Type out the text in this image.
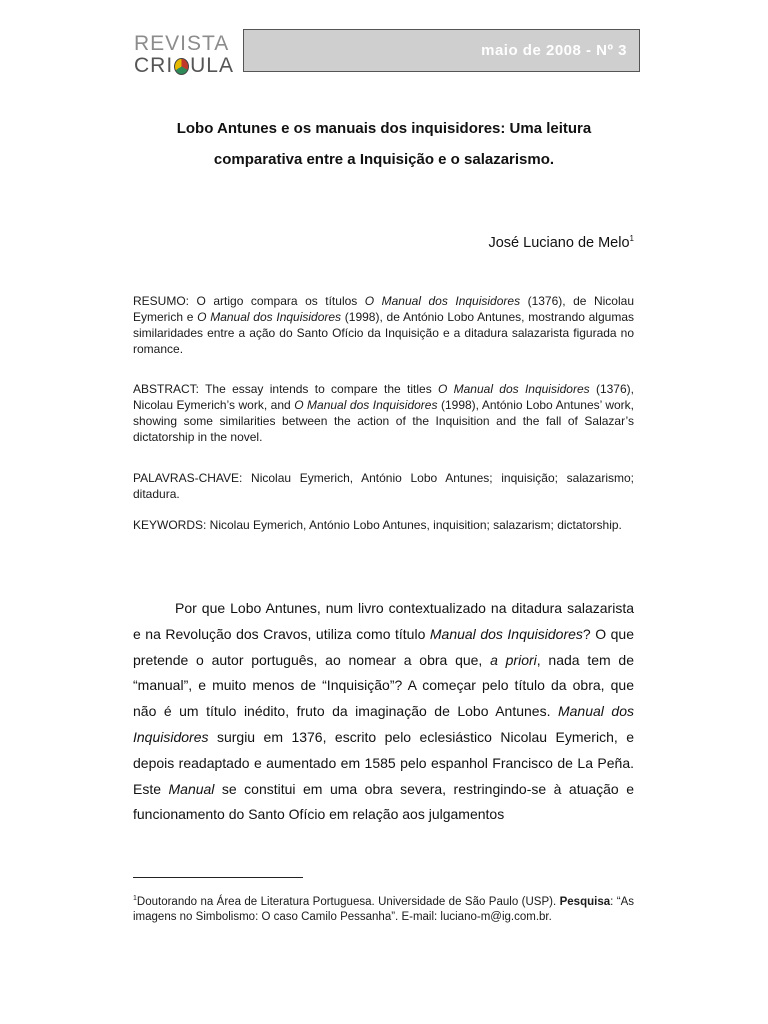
REVISTA
CRI ULA
maio de 2008 - Nº 3
Lobo Antunes e os manuais dos inquisidores: Uma leitura
comparativa entre a Inquisição e o salazarismo.
José Luciano de Melo$^1$

RESUMO: O artigo compara os títulos O Manual dos Inquisidores (1376), de Nicolau Eymerich e O Manual dos Inquisidores (1998), de António Lobo Antunes, mostrando algumas similaridades entre a ação do Santo Ofício da Inquisição e a ditadura salazarista figurada no romance.

ABSTRACT: The essay intends to compare the titles O Manual dos Inquisidores (1376), Nicolau Eymerich’s work, and O Manual dos Inquisidores (1998), António Lobo Antunes’ work, showing some similarities between the action of the Inquisition and the fall of Salazar’s dictatorship in the novel.

PALAVRAS-CHAVE: Nicolau Eymerich, António Lobo Antunes; inquisição; salazarismo; ditadura.

KEYWORDS: Nicolau Eymerich, António Lobo Antunes, inquisition; salazarism; dictatorship.

Por que Lobo Antunes, num livro contextualizado na ditadura salazarista e na Revolução dos Cravos, utiliza como título Manual dos Inquisidores? O que pretende o autor português, ao nomear a obra que, a priori, nada tem de “manual”, e muito menos de “Inquisição”? A começar pelo título da obra, que não é um título inédito, fruto da imaginação de Lobo Antunes. Manual dos Inquisidores surgiu em 1376, escrito pelo eclesiástico Nicolau Eymerich, e depois readaptado e aumentado em 1585 pelo espanhol Francisco de La Peña. Este Manual se constitui em uma obra severa, restringindo-se à atuação e funcionamento do Santo Ofício em relação aos julgamentos

$^1$Doutorando na Área de Literatura Portuguesa. Universidade de São Paulo (USP). Pesquisa: “As imagens no Simbolismo: O caso Camilo Pessanha”. E-mail: luciano-m@ig.com.br.
